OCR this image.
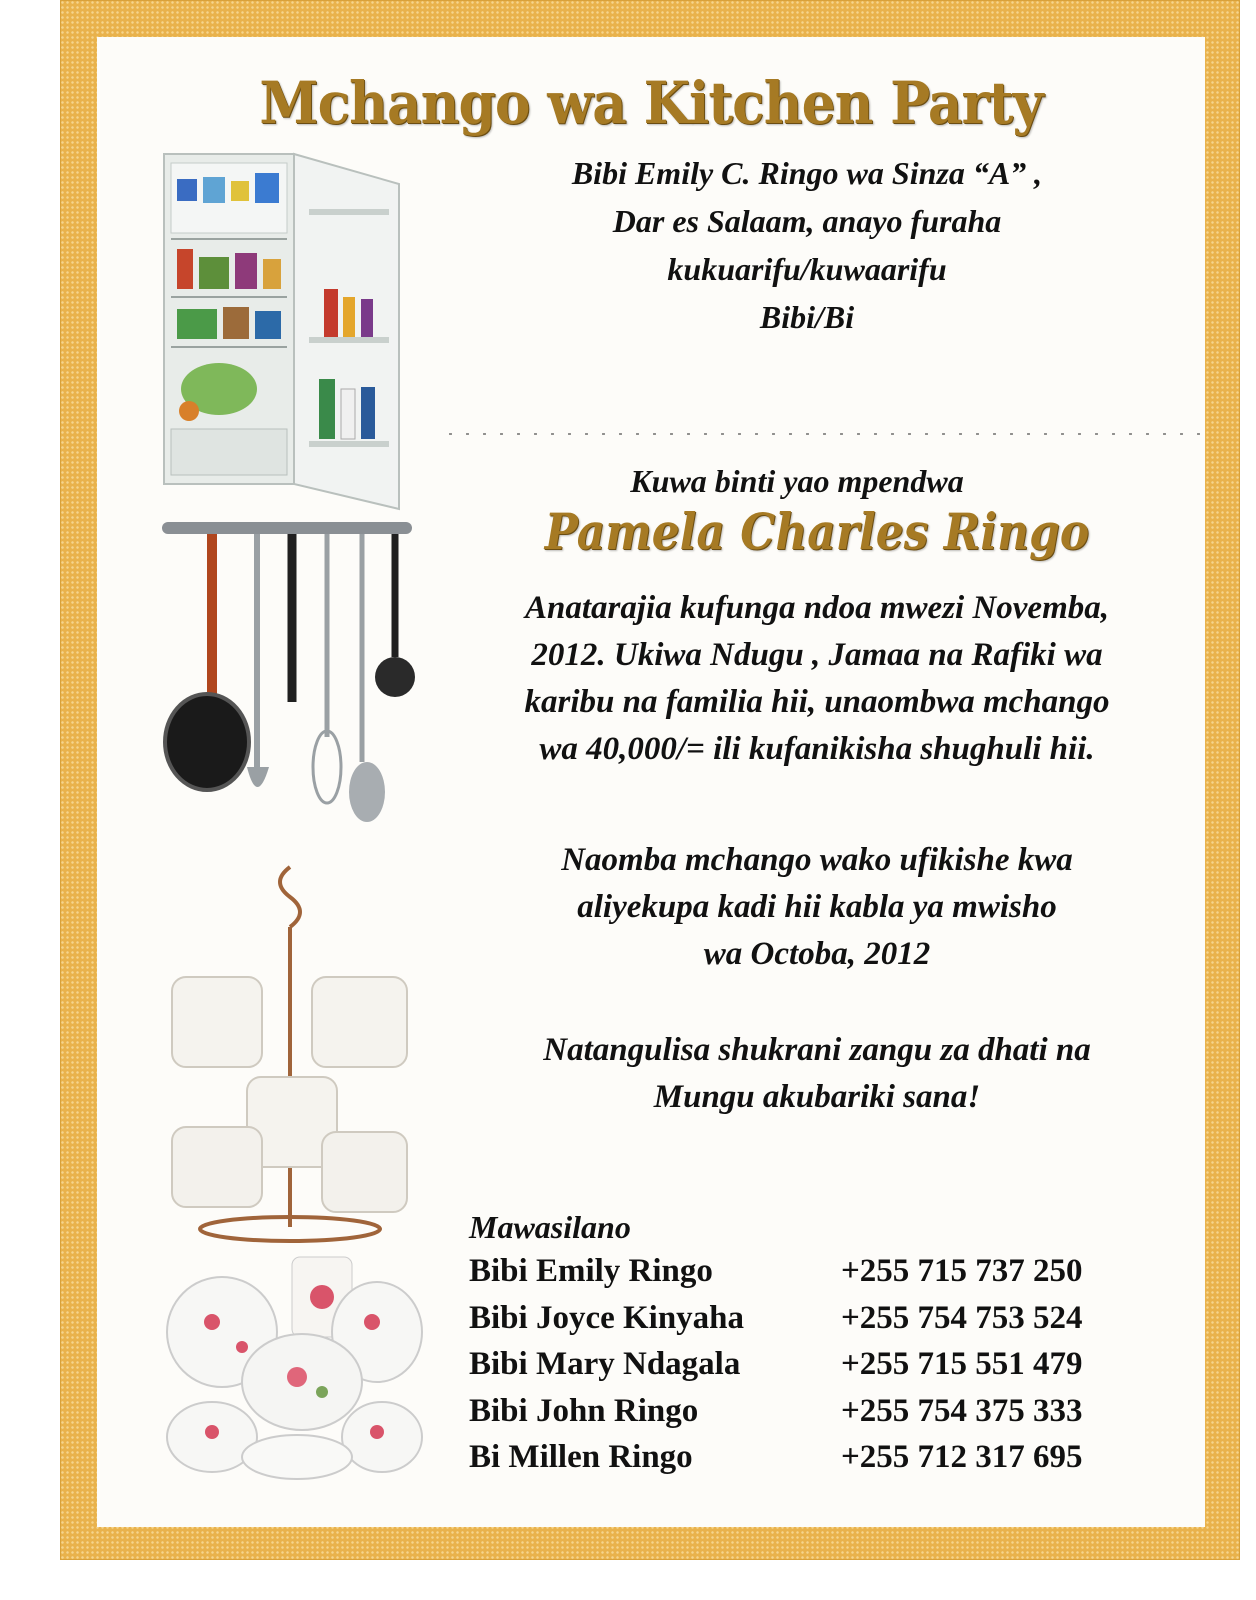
Mchango wa Kitchen Party
Bibi Emily C. Ringo wa Sinza “A” ,
Dar es Salaam, anayo furaha
kukuarifu/kuwaarifu
Bibi/Bi
Kuwa binti yao mpendwa
Pamela Charles Ringo
Anatarajia kufunga ndoa mwezi Novemba,
2012. Ukiwa Ndugu , Jamaa na Rafiki wa
karibu na familia hii, unaombwa mchango
wa 40,000/= ili kufanikisha shughuli hii.
Naomba mchango wako ufikishe kwa
aliyekupa kadi hii kabla ya mwisho
wa Octoba, 2012
Natangulisa shukrani zangu za dhati na
Mungu akubariki sana!
Mawasilano
Bibi Emily Ringo	+255 715 737 250
Bibi Joyce Kinyaha	+255 754 753 524
Bibi Mary Ndagala	+255 715 551 479
Bibi John Ringo	+255 754 375 333
Bi Millen Ringo	+255 712 317 695
